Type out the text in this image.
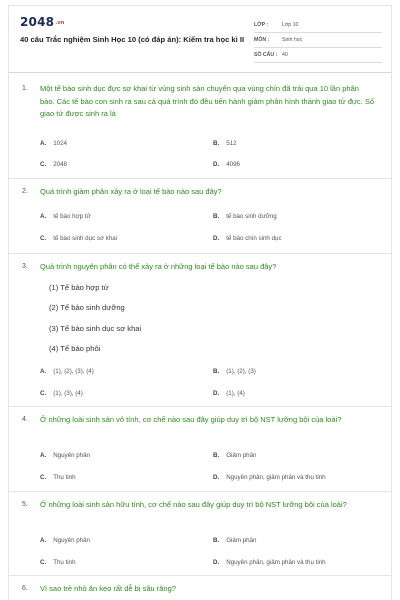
2048.vn
40 câu Trắc nghiệm Sinh Học 10 (có đáp án): Kiểm tra học kì II
LỚP :	Lớp 10
MÔN :	Sinh học
SỐ CÂU : 40
1. Một tế bào sinh dục đực sơ khai từ vùng sinh sản chuyển qua vùng chín đã trải qua 10 lần phân bào. Các tế bào con sinh ra sau cả quá trình đó đều tiến hành giảm phân hình thành giao tử đực. Số giao tử được sinh ra là
A. 1024	B. 512
C. 2048	D. 4096
2. Quá trình giảm phân xảy ra ở loại tế bào nào sau đây?
A. tế bào hợp tử	B. tế bào sinh dưỡng
C. tế bào sinh dục sơ khai	D. tế bào chín sinh dục
3. Quá trình nguyên phân có thể xảy ra ở những loại tế bào nào sau đây?
(1) Tế bào hợp tử
(2) Tế bào sinh dưỡng
(3) Tế bào sinh dục sơ khai
(4) Tế bào phôi
A. (1), (2), (3), (4)	B. (1), (2), (3)
C. (1), (3), (4)	D. (1), (4)
4. Ở những loài sinh sản vô tính, cơ chế nào sau đây giúp duy trì bộ NST lưỡng bội của loài?
A. Nguyên phân	B. Giảm phân
C. Thụ tinh	D. Nguyên phân, giảm phân và thụ tinh
5. Ở những loài sinh sản hữu tính, cơ chế nào sau đây giúp duy trì bộ NST lưỡng bội của loài?
A. Nguyên phân	B. Giảm phân
C. Thụ tinh	D. Nguyên phân, giảm phân và thụ tinh
6. Vì sao trẻ nhỏ ăn kẹo rất dễ bị sâu răng?
